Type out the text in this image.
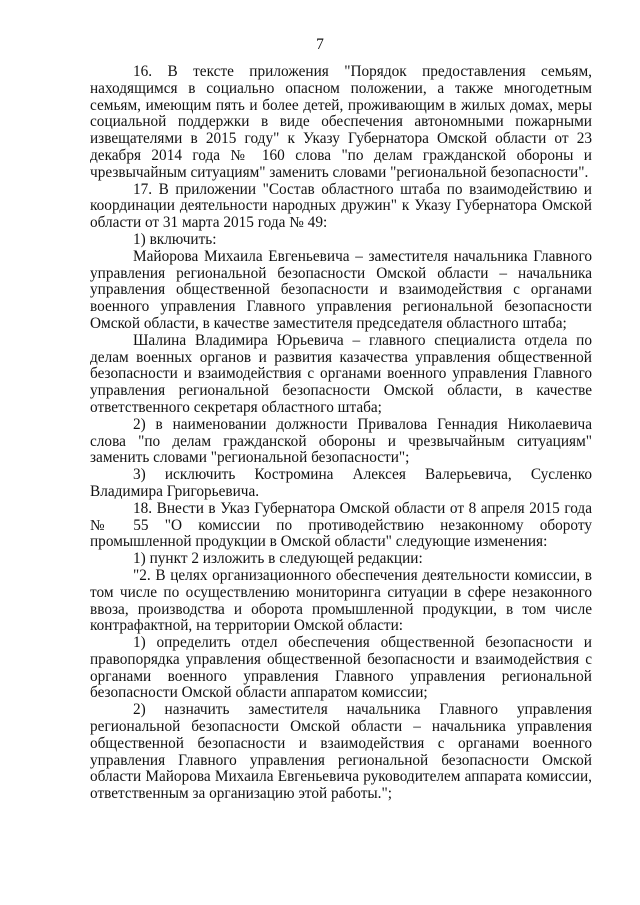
7

16. В тексте приложения "Порядок предоставления семьям, находящимся в социально опасном положении, а также многодетным семьям, имеющим пять и более детей, проживающим в жилых домах, меры социальной поддержки в виде обеспечения автономными пожарными извещателями в 2015 году" к Указу Губернатора Омской области от 23 декабря 2014 года № 160 слова "по делам гражданской обороны и чрезвычайным ситуациям" заменить словами "региональной безопасности".

17. В приложении "Состав областного штаба по взаимодействию и координации деятельности народных дружин" к Указу Губернатора Омской области от 31 марта 2015 года № 49:

1) включить:

Майорова Михаила Евгеньевича – заместителя начальника Главного управления региональной безопасности Омской области – начальника управления общественной безопасности и взаимодействия с органами военного управления Главного управления региональной безопасности Омской области, в качестве заместителя председателя областного штаба;

Шалина Владимира Юрьевича – главного специалиста отдела по делам военных органов и развития казачества управления общественной безопасности и взаимодействия с органами военного управления Главного управления региональной безопасности Омской области, в качестве ответственного секретаря областного штаба;

2) в наименовании должности Привалова Геннадия Николаевича слова "по делам гражданской обороны и чрезвычайным ситуациям" заменить словами "региональной безопасности";

3) исключить Костромина Алексея Валерьевича, Сусленко Владимира Григорьевича.

18. Внести в Указ Губернатора Омской области от 8 апреля 2015 года № 55 "О комиссии по противодействию незаконному обороту промышленной продукции в Омской области" следующие изменения:

1) пункт 2 изложить в следующей редакции:

"2. В целях организационного обеспечения деятельности комиссии, в том числе по осуществлению мониторинга ситуации в сфере незаконного ввоза, производства и оборота промышленной продукции, в том числе контрафактной, на территории Омской области:

1) определить отдел обеспечения общественной безопасности и правопорядка управления общественной безопасности и взаимодействия с органами военного управления Главного управления региональной безопасности Омской области аппаратом комиссии;

2) назначить заместителя начальника Главного управления региональной безопасности Омской области – начальника управления общественной безопасности и взаимодействия с органами военного управления Главного управления региональной безопасности Омской области Майорова Михаила Евгеньевича руководителем аппарата комиссии, ответственным за организацию этой работы.";
